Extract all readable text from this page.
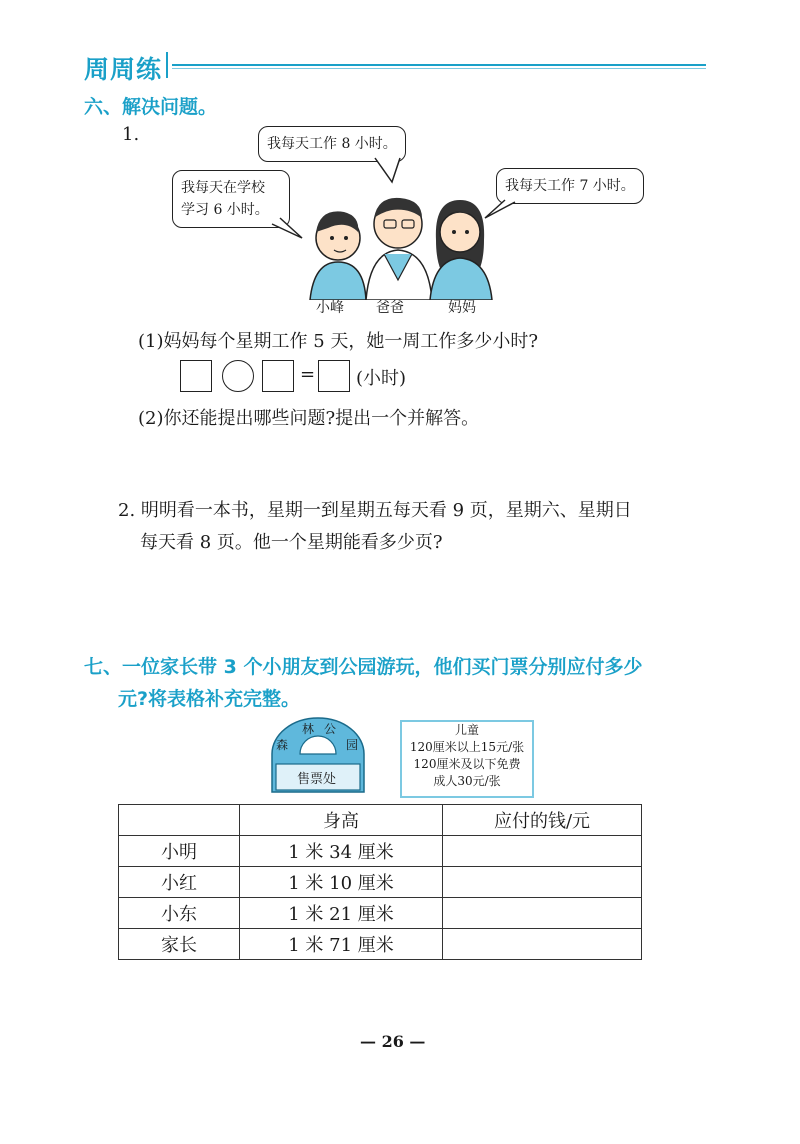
周周练
六、解决问题。
1.	我每天工作 8 小时。
我每天在学校
学习 6 小时。
我每天工作 7 小时。
小峰 爸爸	妈妈
(1)妈妈每个星期工作 5 天，她一周工作多少小时?
= (小时)
(2)你还能提出哪些问题?提出一个并解答。
2. 明明看一本书，星期一到星期五每天看 9 页，星期六、星期日
每天看 8 页。他一个星期能看多少页?
七、一位家长带 3 个小朋友到公园游玩，他们买门票分别应付多少
元?将表格补充完整。
森
林 公
园
售票处
儿童
120厘米以上15元/张
120厘米及以下免费
成人30元/张
	身高	应付的钱/元
小明	1 米 34 厘米	
小红	1 米 10 厘米	
小东	1 米 21 厘米	
家长	1 米 71 厘米	
— 26 —
